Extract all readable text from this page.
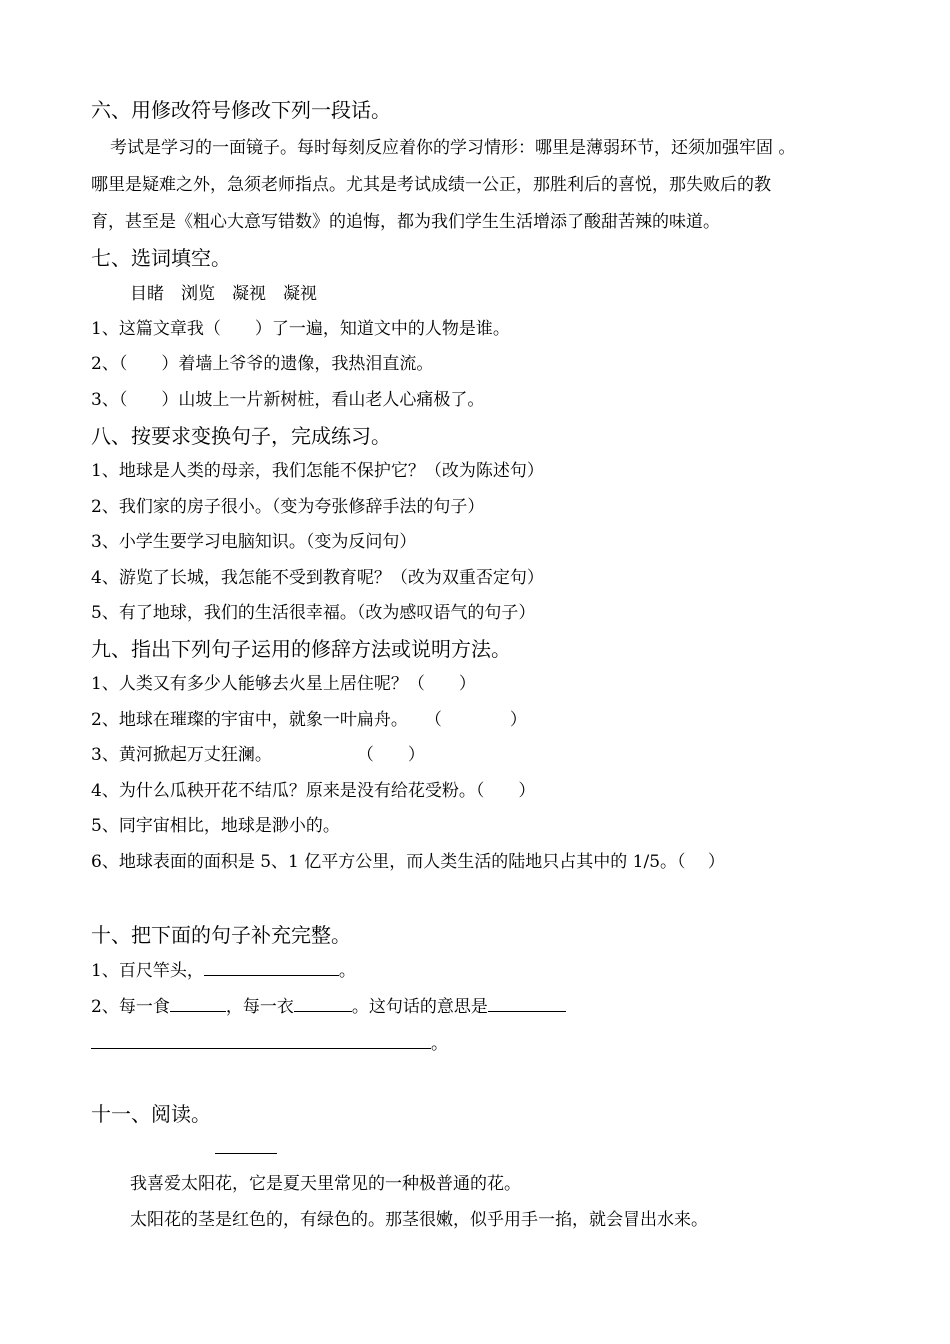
六、用修改符号修改下列一段话。
考试是学习的一面镜子。每时每刻反应着你的学习情形：哪里是薄弱环节，还须加强牢固 。
哪里是疑难之外，急须老师指点。尤其是考试成绩一公正，那胜利后的喜悦，那失败后的教
育，甚至是《粗心大意写错数》的追悔，都为我们学生生活增添了酸甜苦辣的味道。
七、选词填空。
目睹　浏览　凝视　凝视
1、这篇文章我（　　）了一遍，知道文中的人物是谁。
2、（　　）着墙上爷爷的遗像，我热泪直流。
3、（　　）山坡上一片新树桩，看山老人心痛极了。
八、按要求变换句子，完成练习。
1、地球是人类的母亲，我们怎能不保护它？（改为陈述句）
2、我们家的房子很小。（变为夸张修辞手法的句子）
3、小学生要学习电脑知识。（变为反问句）
4、游览了长城，我怎能不受到教育呢？（改为双重否定句）
5、有了地球，我们的生活很幸福。（改为感叹语气的句子）
九、指出下列句子运用的修辞方法或说明方法。
1、人类又有多少人能够去火星上居住呢？（　　）
2、地球在璀璨的宇宙中，就象一叶扁舟。　　（　　　　）
3、黄河掀起万丈狂澜。　　　　　　（　　）
4、为什么瓜秧开花不结瓜？原来是没有给花受粉。（　　）
5、同宇宙相比，地球是渺小的。
6、地球表面的面积是 5、1 亿平方公里，而人类生活的陆地只占其中的 1/5。（　 ）
十、把下面的句子补充完整。
1、百尺竿头，	。
2、每一食	，每一衣	。这句话的意思是
。
十一、阅读。
我喜爱太阳花，它是夏天里常见的一种极普通的花。
太阳花的茎是红色的，有绿色的。那茎很嫩，似乎用手一掐，就会冒出水来。
